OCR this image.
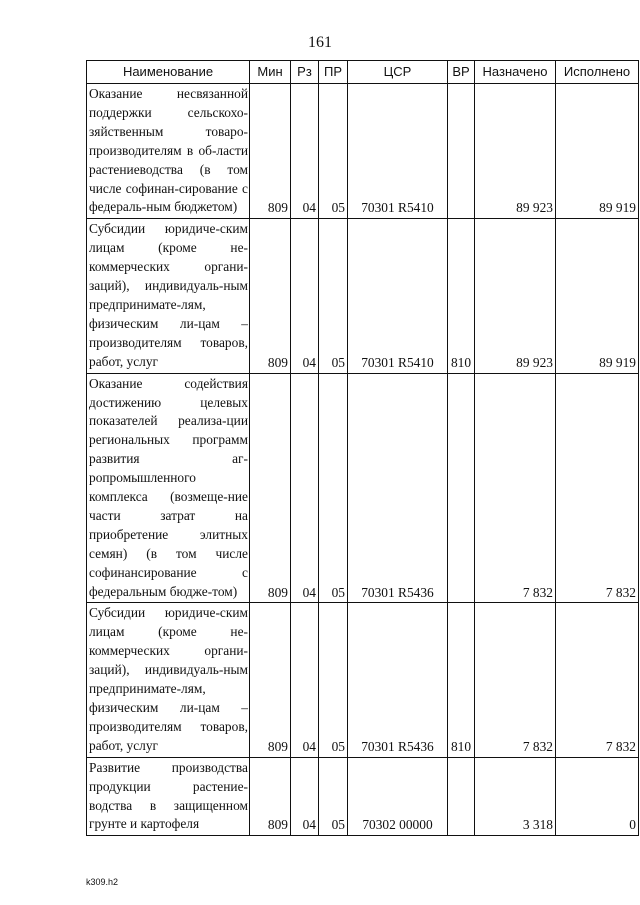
161
Наименование	Мин	Рз	ПР	ЦСР	ВР	Назначено	Исполнено
Оказание несвязанной поддержки сельскохо-зяйственным товаро-производителям в об-ласти растениеводства (в том числе софинан-сирование с федераль-ным бюджетом)	809	04	05	70301 R5410		89 923	89 919
Субсидии юридиче-ским лицам (кроме не-коммерческих органи-заций), индивидуаль-ным предпринимате-лям, физическим ли-цам – производителям товаров, работ, услуг	809	04	05	70301 R5410	810	89 923	89 919
Оказание содействия достижению целевых показателей реализа-ции региональных программ развития аг-ропромышленного комплекса (возмеще-ние части затрат на приобретение элитных семян) (в том числе софинансирование с федеральным бюдже-том)	809	04	05	70301 R5436		7 832	7 832
Субсидии юридиче-ским лицам (кроме не-коммерческих органи-заций), индивидуаль-ным предпринимате-лям, физическим ли-цам – производителям товаров, работ, услуг	809	04	05	70301 R5436	810	7 832	7 832
Развитие производства продукции растение-водства в защищенном грунте и картофеля	809	04	05	70302 00000		3 318	0
k309.h2
